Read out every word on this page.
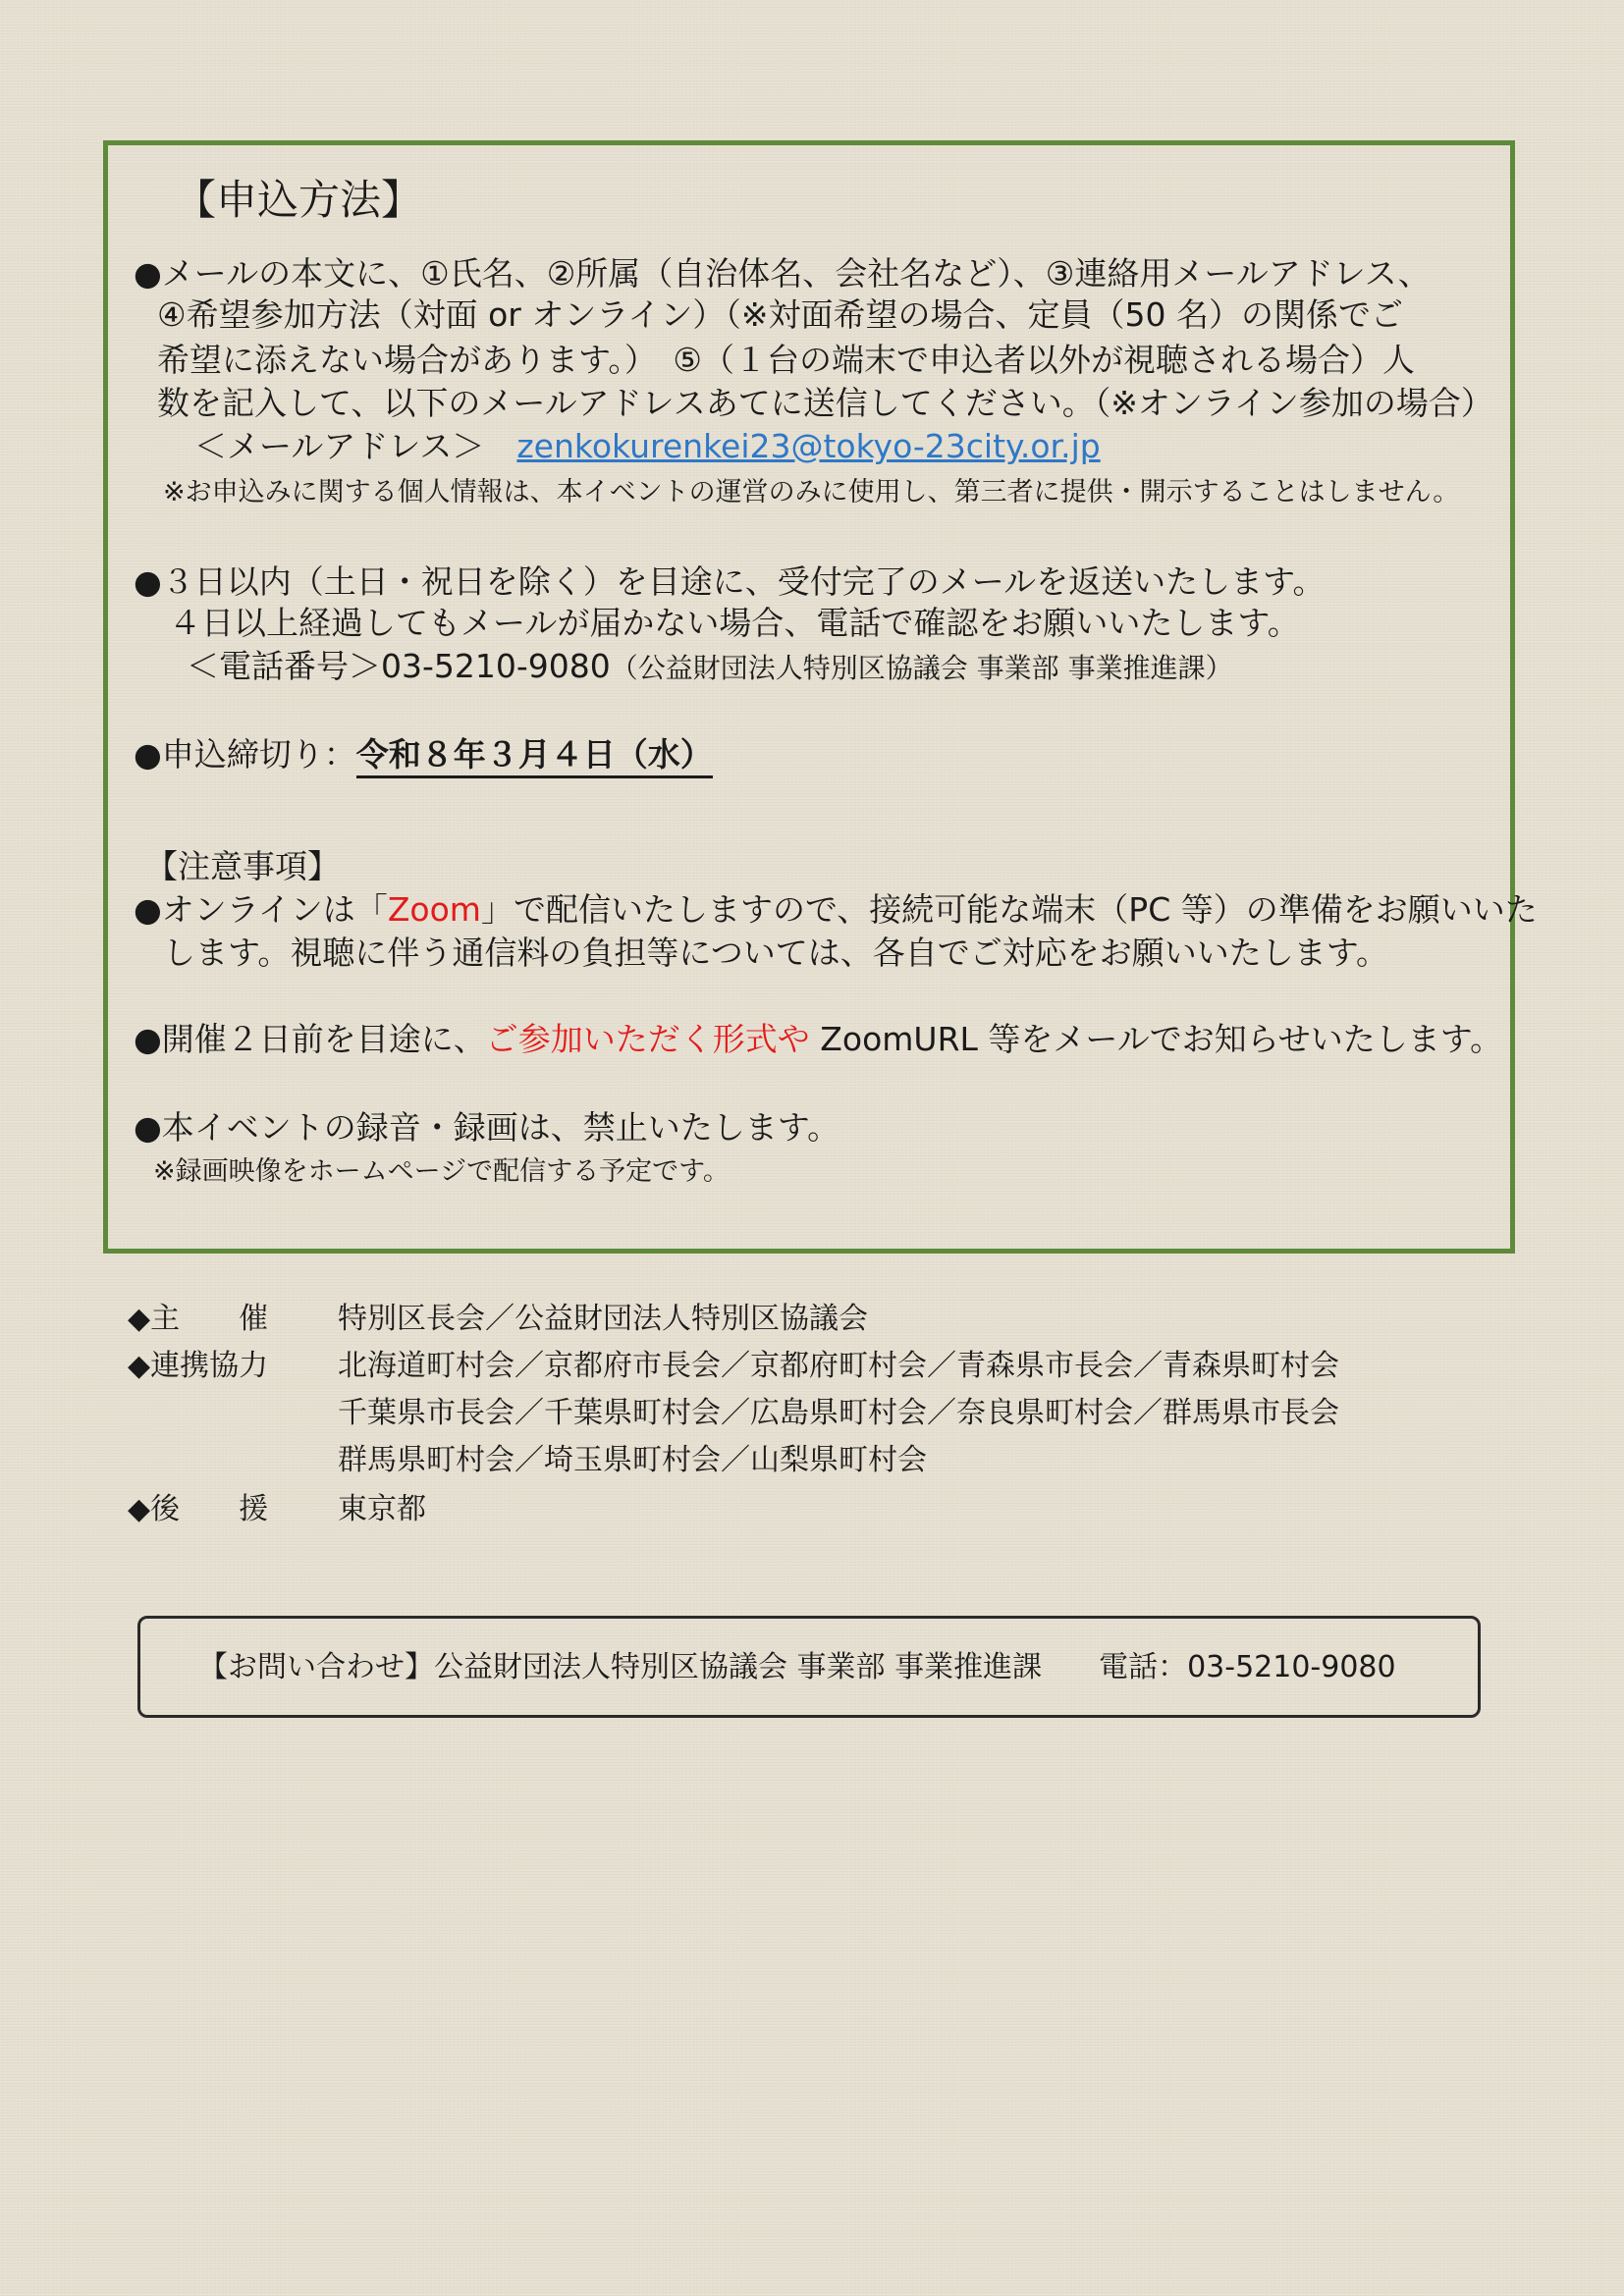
【申込方法】
●メールの本文に、①氏名、②所属（自治体名、会社名など）、③連絡用メールアドレス、
④希望参加方法（対面 or オンライン）（※対面希望の場合、定員（50 名）の関係でご
希望に添えない場合があります。）　⑤（１台の端末で申込者以外が視聴される場合）人
数を記入して、以下のメールアドレスあてに送信してください。（※オンライン参加の場合）
＜メールアドレス＞　 zenkokurenkei23@tokyo-23city.or.jp
※お申込みに関する個人情報は、本イベントの運営のみに使用し、第三者に提供・開示することはしません。
●３日以内（土日・祝日を除く）を目途に、受付完了のメールを返送いたします。
４日以上経過してもメールが届かない場合、電話で確認をお願いいたします。
＜電話番号＞03-5210-9080（公益財団法人特別区協議会 事業部 事業推進課）
●申込締切り：令和８年３月４日（水）
【注意事項】
●オンラインは「Zoom」で配信いたしますので、接続可能な端末（PC 等）の準備をお願いいた
します。視聴に伴う通信料の負担等については、各自でご対応をお願いいたします。
●開催２日前を目途に、ご参加いただく形式や ZoomURL 等をメールでお知らせいたします。
●本イベントの録音・録画は、禁止いたします。
※録画映像をホームページで配信する予定です。
◆主　　催 特別区長会／公益財団法人特別区協議会
◆連携協力 北海道町村会／京都府市長会／京都府町村会／青森県市長会／青森県町村会
千葉県市長会／千葉県町村会／広島県町村会／奈良県町村会／群馬県市長会
群馬県町村会／埼玉県町村会／山梨県町村会
◆後　　援 東京都
【お問い合わせ】公益財団法人特別区協議会 事業部 事業推進課 電話：03-5210-9080
